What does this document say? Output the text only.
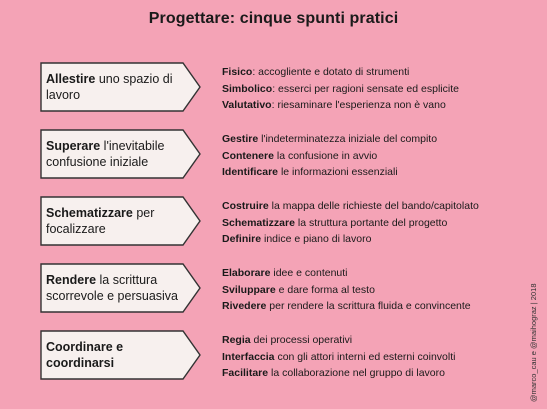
Progettare: cinque spunti pratici
Allestire uno spazio di lavoro
Fisico: accogliente e dotato di strumenti
Simbolico: esserci per ragioni sensate ed esplicite
Valutativo: riesaminare l'esperienza non è vano
Superare l'inevitabile confusione iniziale
Gestire l'indeterminatezza iniziale del compito
Contenere la confusione in avvio
Identificare le informazioni essenziali
Schematizzare per focalizzare
Costruire la mappa delle richieste del bando/capitolato
Schematizzare la struttura portante del progetto
Definire indice e piano di lavoro
Rendere la scrittura scorrevole e persuasiva
Elaborare idee e contenuti
Sviluppare e dare forma al testo
Rivedere per rendere la scrittura fluida e convincente
Coordinare e coordinarsi
Regia dei processi operativi
Interfaccia con gli attori interni ed esterni coinvolti
Facilitare la collaborazione nel gruppo di lavoro	@marco_cau e @maihograz | 2018
